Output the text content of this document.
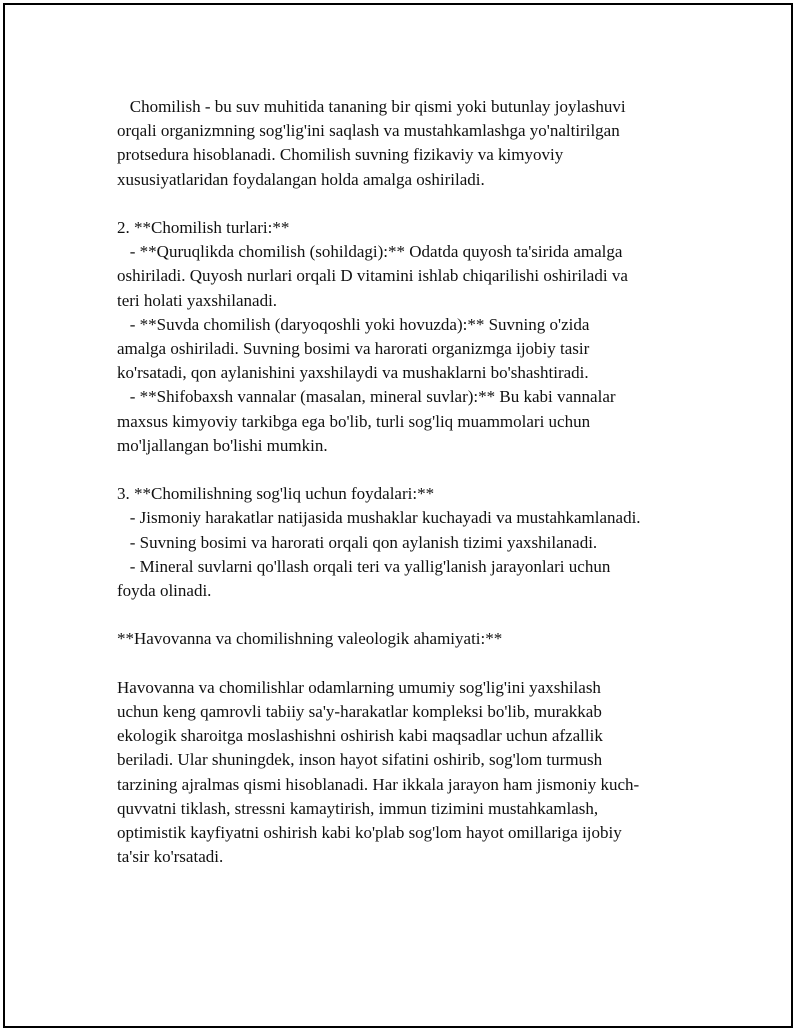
Chomilish - bu suv muhitida tananing bir qismi yoki butunlay joylashuvi
orqali organizmning sog'lig'ini saqlash va mustahkamlashga yo'naltirilgan
protsedura hisoblanadi. Chomilish suvning fizikaviy va kimyoviy
xususiyatlaridan foydalangan holda amalga oshiriladi.
2. **Chomilish turlari:**
- **Quruqlikda chomilish (sohildagi):** Odatda quyosh ta'sirida amalga
oshiriladi. Quyosh nurlari orqali D vitamini ishlab chiqarilishi oshiriladi va
teri holati yaxshilanadi.
- **Suvda chomilish (daryoqoshli yoki hovuzda):** Suvning o'zida
amalga oshiriladi. Suvning bosimi va harorati organizmga ijobiy tasir
ko'rsatadi, qon aylanishini yaxshilaydi va mushaklarni bo'shashtiradi.
- **Shifobaxsh vannalar (masalan, mineral suvlar):** Bu kabi vannalar
maxsus kimyoviy tarkibga ega bo'lib, turli sog'liq muammolari uchun
mo'ljallangan bo'lishi mumkin.
3. **Chomilishning sog'liq uchun foydalari:**
- Jismoniy harakatlar natijasida mushaklar kuchayadi va mustahkamlanadi.
- Suvning bosimi va harorati orqali qon aylanish tizimi yaxshilanadi.
- Mineral suvlarni qo'llash orqali teri va yallig'lanish jarayonlari uchun
foyda olinadi.
**Havovanna va chomilishning valeologik ahamiyati:**
Havovanna va chomilishlar odamlarning umumiy sog'lig'ini yaxshilash
uchun keng qamrovli tabiiy sa'y-harakatlar kompleksi bo'lib, murakkab
ekologik sharoitga moslashishni oshirish kabi maqsadlar uchun afzallik
beriladi. Ular shuningdek, inson hayot sifatini oshirib, sog'lom turmush
tarzining ajralmas qismi hisoblanadi. Har ikkala jarayon ham jismoniy kuch-
quvvatni tiklash, stressni kamaytirish, immun tizimini mustahkamlash,
optimistik kayfiyatni oshirish kabi ko'plab sog'lom hayot omillariga ijobiy
ta'sir ko'rsatadi.
